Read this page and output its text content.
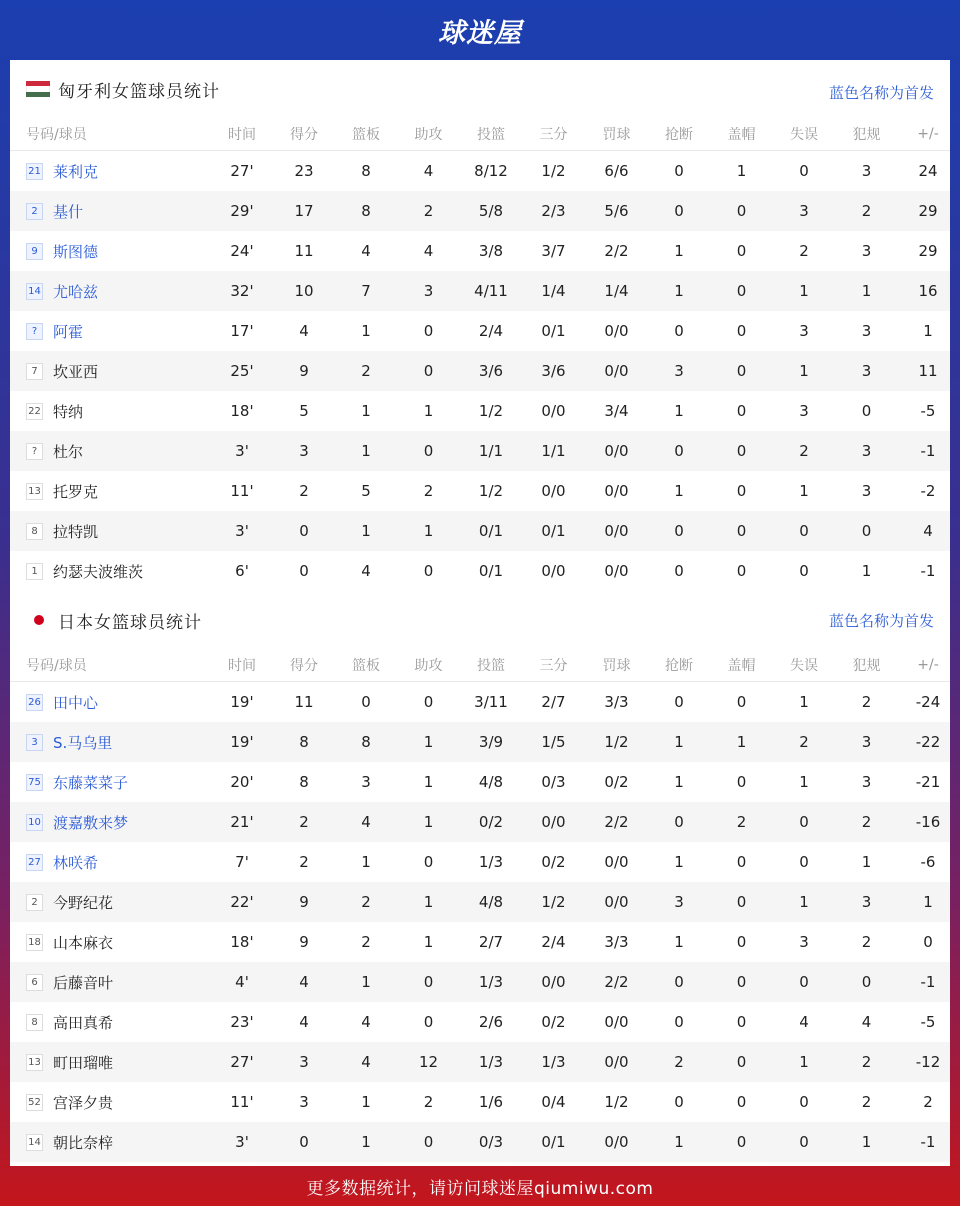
球迷屋
匈牙利女篮球员统计	蓝色名称为首发
号码/球员	时间	得分	篮板	助攻	投篮	三分	罚球	抢断	盖帽	失误	犯规	+/-
21 莱利克	27'	23	8	4	8/12	1/2	6/6	0	1	0	3	24
2	基什	29'	17	8	2	5/8	2/3	5/6	0	0	3	2	29
9	斯图德	24'	11	4	4	3/8	3/7	2/2	1	0	2	3	29
14 尤哈兹	32'	10	7	3	4/11	1/4	1/4	1	0	1	1	16
?	阿霍	17'	4	1	0	2/4	0/1	0/0	0	0	3	3	1
7	坎亚西	25'	9	2	0	3/6	3/6	0/0	3	0	1	3	11
22 特纳	18'	5	1	1	1/2	0/0	3/4	1	0	3	0	-5
?	杜尔	3'	3	1	0	1/1	1/1	0/0	0	0	2	3	-1
13 托罗克	11'	2	5	2	1/2	0/0	0/0	1	0	1	3	-2
8	拉特凯	3'	0	1	1	0/1	0/1	0/0	0	0	0	0	4
1	约瑟夫波维茨	6'	0	4	0	0/1	0/0	0/0	0	0	0	1	-1
日本女篮球员统计	蓝色名称为首发
号码/球员	时间	得分	篮板	助攻	投篮	三分	罚球	抢断	盖帽	失误	犯规	+/-
26 田中心	19'	11	0	0	3/11	2/7	3/3	0	0	1	2	-24
3	S.马乌里	19'	8	8	1	3/9	1/5	1/2	1	1	2	3	-22
75 东藤菜菜子	20'	8	3	1	4/8	0/3	0/2	1	0	1	3	-21
10 渡嘉敷来梦	21'	2	4	1	0/2	0/0	2/2	0	2	0	2	-16
27 林咲希	7'	2	1	0	1/3	0/2	0/0	1	0	0	1	-6
2	今野纪花	22'	9	2	1	4/8	1/2	0/0	3	0	1	3	1
18 山本麻衣	18'	9	2	1	2/7	2/4	3/3	1	0	3	2	0
6	后藤音叶	4'	4	1	0	1/3	0/0	2/2	0	0	0	0	-1
8	高田真希	23'	4	4	0	2/6	0/2	0/0	0	0	4	4	-5
13 町田瑠唯	27'	3	4	12	1/3	1/3	0/0	2	0	1	2	-12
52 宫泽夕贵	11'	3	1	2	1/6	0/4	1/2	0	0	0	2	2
14 朝比奈梓	3'	0	1	0	0/3	0/1	0/0	1	0	0	1	-1
更多数据统计，请访问球迷屋qiumiwu.com
